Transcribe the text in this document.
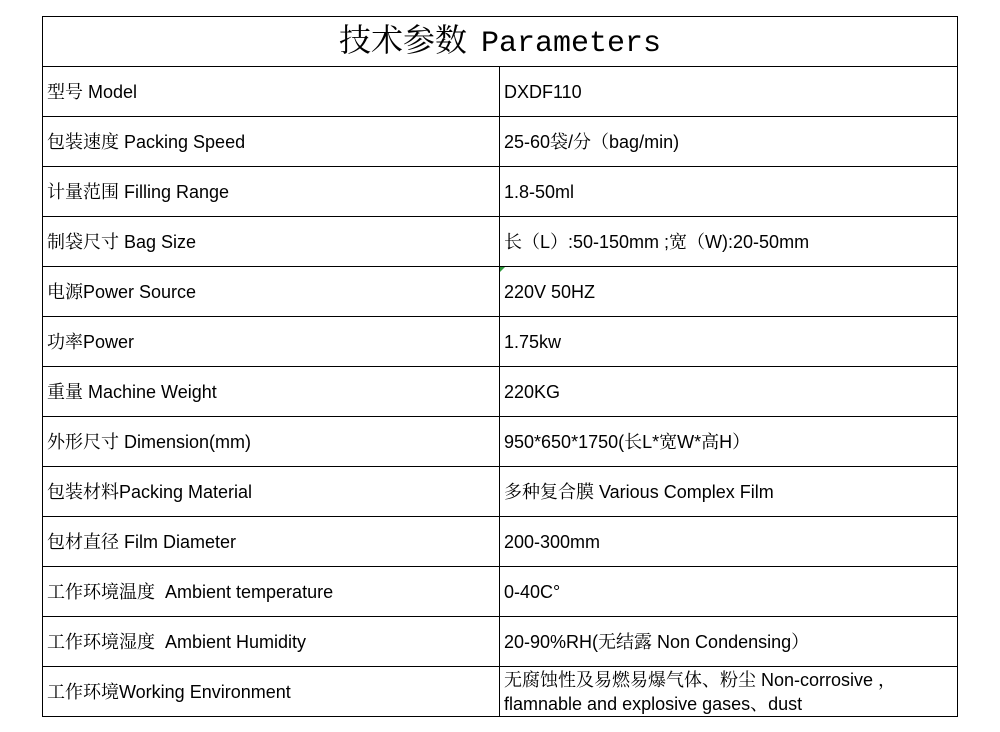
技术参数 Parameters	
型号 Model	DXDF110
包装速度 Packing Speed	25-60袋/分（bag/min)
计量范围 Filling Range	1.8-50ml
制袋尺寸 Bag Size	长（L）:50-150mm ;宽（W):20-50mm
电源Power Source	220V 50HZ
功率Power	1.75kw
重量 Machine Weight	220KG
外形尺寸 Dimension(mm)	950*650*1750(长L*宽W*高H）
包装材料Packing Material	多种复合膜 Various Complex Film
包材直径 Film Diameter	200-300mm
工作环境温度  Ambient temperature	0-40C°
工作环境湿度  Ambient Humidity	20-90%RH(无结露 Non Condensing）
工作环境Working Environment	无腐蚀性及易燃易爆气体、粉尘 Non-corrosive ，
flamnable and explosive gases、dust
